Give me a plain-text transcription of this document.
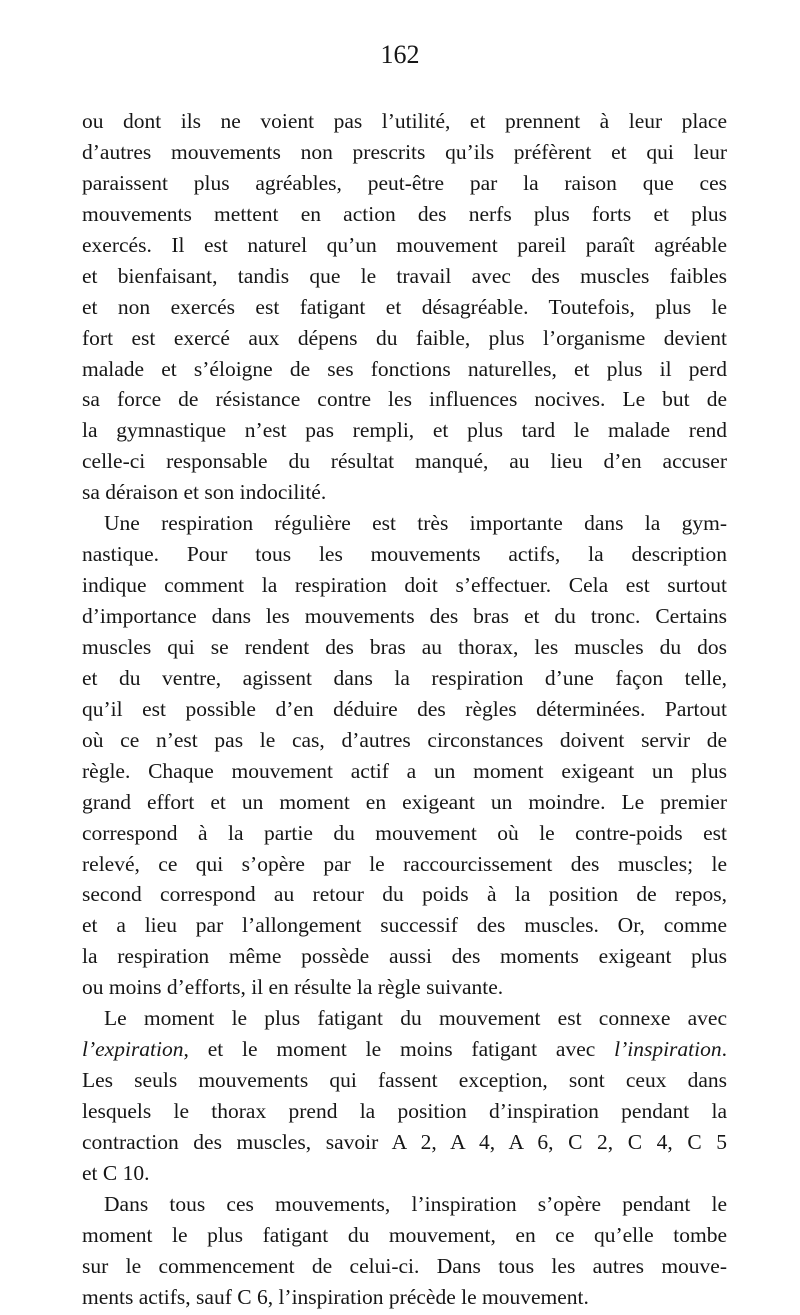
162
ou dont ils ne voient pas l’utilité, et prennent à leur place
d’autres mouvements non prescrits qu’ils préfèrent et qui leur
paraissent plus agréables, peut-être par la raison que ces
mouvements mettent en action des nerfs plus forts et plus
exercés. Il est naturel qu’un mouvement pareil paraît agréable
et bienfaisant, tandis que le travail avec des muscles faibles
et non exercés est fatigant et désagréable. Toutefois, plus le
fort est exercé aux dépens du faible, plus l’organisme devient
malade et s’éloigne de ses fonctions naturelles, et plus il perd
sa force de résistance contre les influences nocives. Le but de
la gymnastique n’est pas rempli, et plus tard le malade rend
celle-ci responsable du résultat manqué, au lieu d’en accuser
sa déraison et son indocilité.
Une respiration régulière est très importante dans la gym-
nastique. Pour tous les mouvements actifs, la description
indique comment la respiration doit s’effectuer. Cela est surtout
d’importance dans les mouvements des bras et du tronc. Certains
muscles qui se rendent des bras au thorax, les muscles du dos
et du ventre, agissent dans la respiration d’une façon telle,
qu’il est possible d’en déduire des règles déterminées. Partout
où ce n’est pas le cas, d’autres circonstances doivent servir de
règle. Chaque mouvement actif a un moment exigeant un plus
grand effort et un moment en exigeant un moindre. Le premier
correspond à la partie du mouvement où le contre-poids est
relevé, ce qui s’opère par le raccourcissement des muscles; le
second correspond au retour du poids à la position de repos,
et a lieu par l’allongement successif des muscles. Or, comme
la respiration même possède aussi des moments exigeant plus
ou moins d’efforts, il en résulte la règle suivante.
Le moment le plus fatigant du mouvement est connexe avec
l’expiration, et le moment le moins fatigant avec l’inspiration.
Les seuls mouvements qui fassent exception, sont ceux dans
lesquels le thorax prend la position d’inspiration pendant la
contraction des muscles, savoir A 2, A 4, A 6, C 2, C 4, C 5
et C 10.
Dans tous ces mouvements, l’inspiration s’opère pendant le
moment le plus fatigant du mouvement, en ce qu’elle tombe
sur le commencement de celui-ci. Dans tous les autres mouve-
ments actifs, sauf C 6, l’inspiration précède le mouvement.
